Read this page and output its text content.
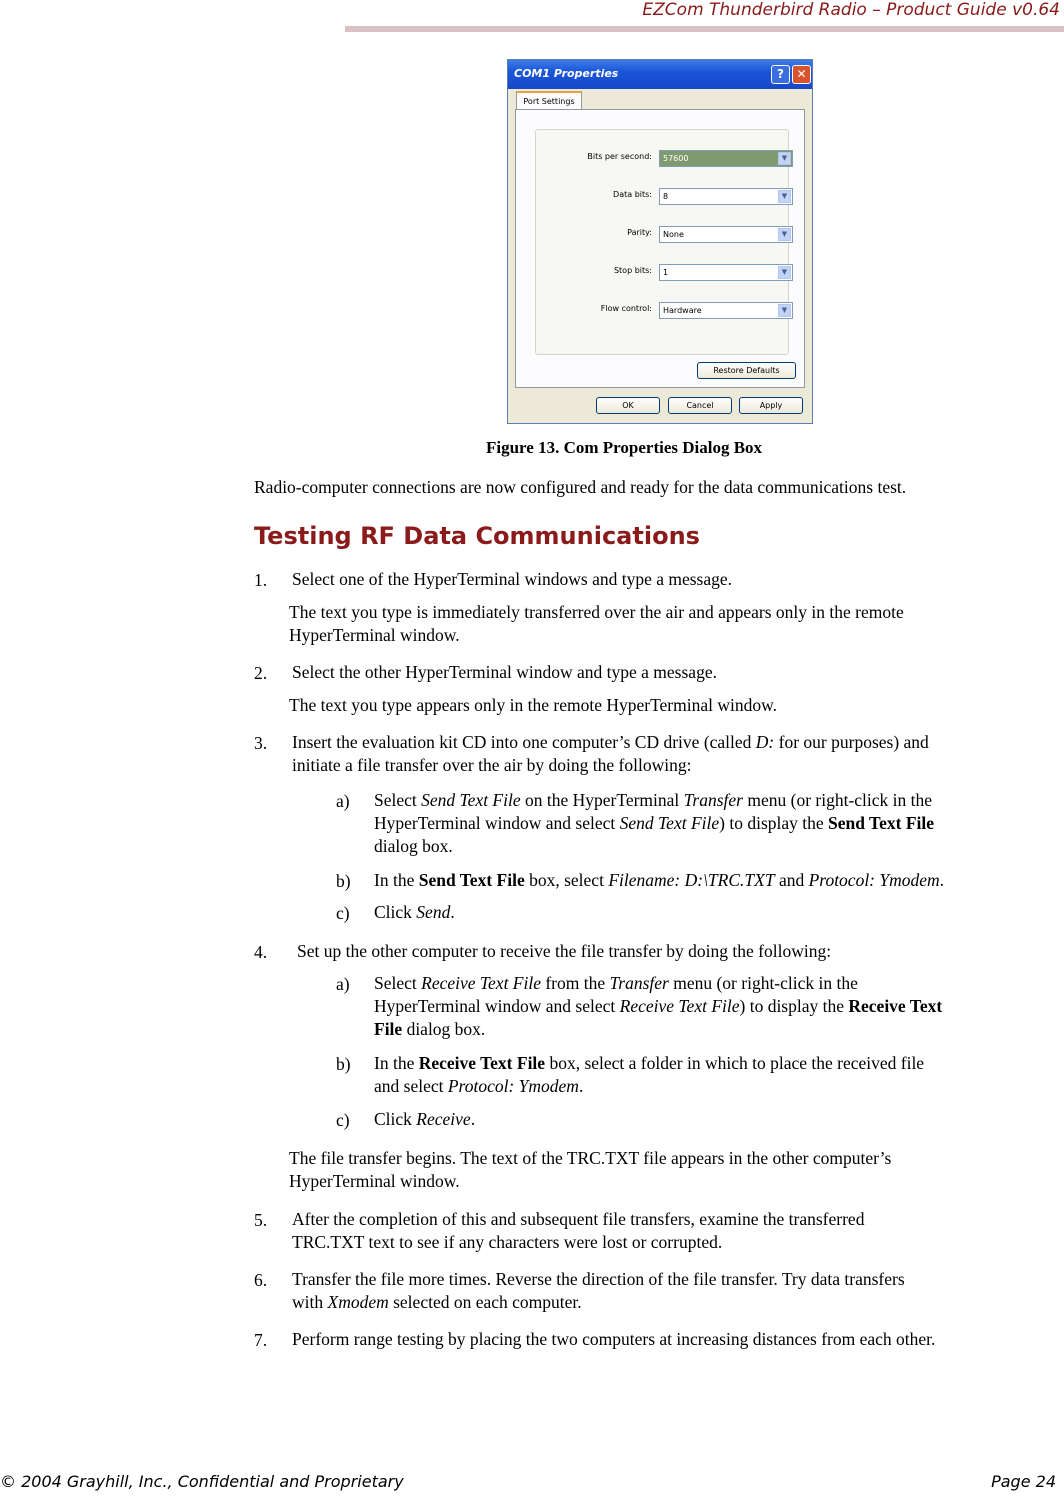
EZCom Thunderbird Radio – Product Guide v0.64
COM1 Properties	?	✕
Port Settings
Bits per second:	57600	▼
Data bits:	8	▼
Parity:	None	▼
Stop bits:	1	▼
Flow control:	Hardware	▼
Restore Defaults
OK	Cancel	Apply
Figure 13. Com Properties Dialog Box
Radio-computer connections are now configured and ready for the data communications test.
Testing RF Data Communications
1. Select one of the HyperTerminal windows and type a message.
The text you type is immediately transferred over the air and appears only in the remote
HyperTerminal window.
2. Select the other HyperTerminal window and type a message.
The text you type appears only in the remote HyperTerminal window.
3. Insert the evaluation kit CD into one computer’s CD drive (called D: for our purposes) and
initiate a file transfer over the air by doing the following:
a) Select Send Text File on the HyperTerminal Transfer menu (or right-click in the
HyperTerminal window and select Send Text File) to display the Send Text File
dialog box.
b) In the Send Text File box, select Filename: D:\TRC.TXT and Protocol: Ymodem.
c) Click Send.
4. Set up the other computer to receive the file transfer by doing the following:
a) Select Receive Text File from the Transfer menu (or right-click in the
HyperTerminal window and select Receive Text File) to display the Receive Text
File dialog box.
b) In the Receive Text File box, select a folder in which to place the received file
and select Protocol: Ymodem.
c) Click Receive.
The file transfer begins. The text of the TRC.TXT file appears in the other computer’s
HyperTerminal window.
5. After the completion of this and subsequent file transfers, examine the transferred
TRC.TXT text to see if any characters were lost or corrupted.
6. Transfer the file more times. Reverse the direction of the file transfer. Try data transfers
with Xmodem selected on each computer.
7. Perform range testing by placing the two computers at increasing distances from each other.
© 2004 Grayhill, Inc., Confidential and Proprietary	Page 24
